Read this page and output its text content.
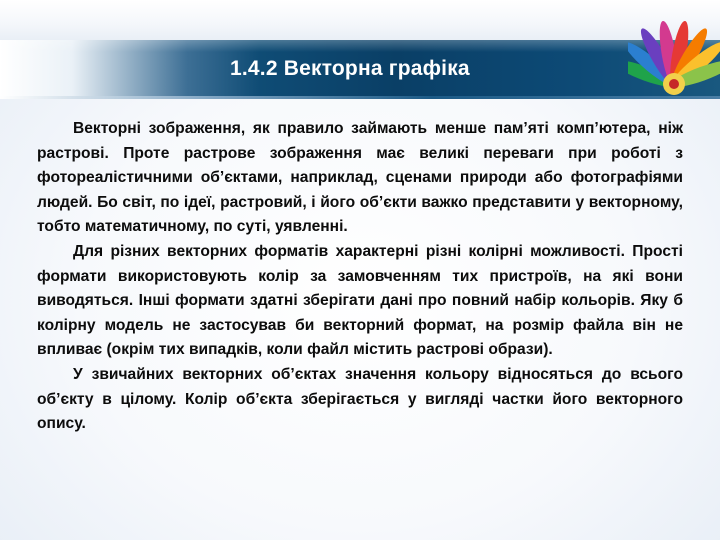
1.4.2 Векторна графіка

Векторні зображення, як правило займають менше пам’яті комп’ютера, ніж растрові. Проте растрове зображення має великі переваги при роботі з фотореалістичними об’єктами, наприклад, сценами природи або фотографіями людей. Бо світ, по ідеї, растровий, і його об’єкти важко представити у векторному, тобто математичному, по суті, уявленні.

Для різних векторних форматів характерні різні колірні можливості. Прості формати використовують колір за замовченням тих пристроїв, на які вони виводяться. Інші формати здатні зберігати дані про повний набір кольорів. Яку б колірну модель не застосував би векторний формат, на розмір файла він не впливає (окрім тих випадків, коли файл містить растрові образи).

У звичайних векторних об’єктах значення кольору відносяться до всього об’єкту в цілому. Колір об’єкта зберігається у вигляді частки його векторного опису.
